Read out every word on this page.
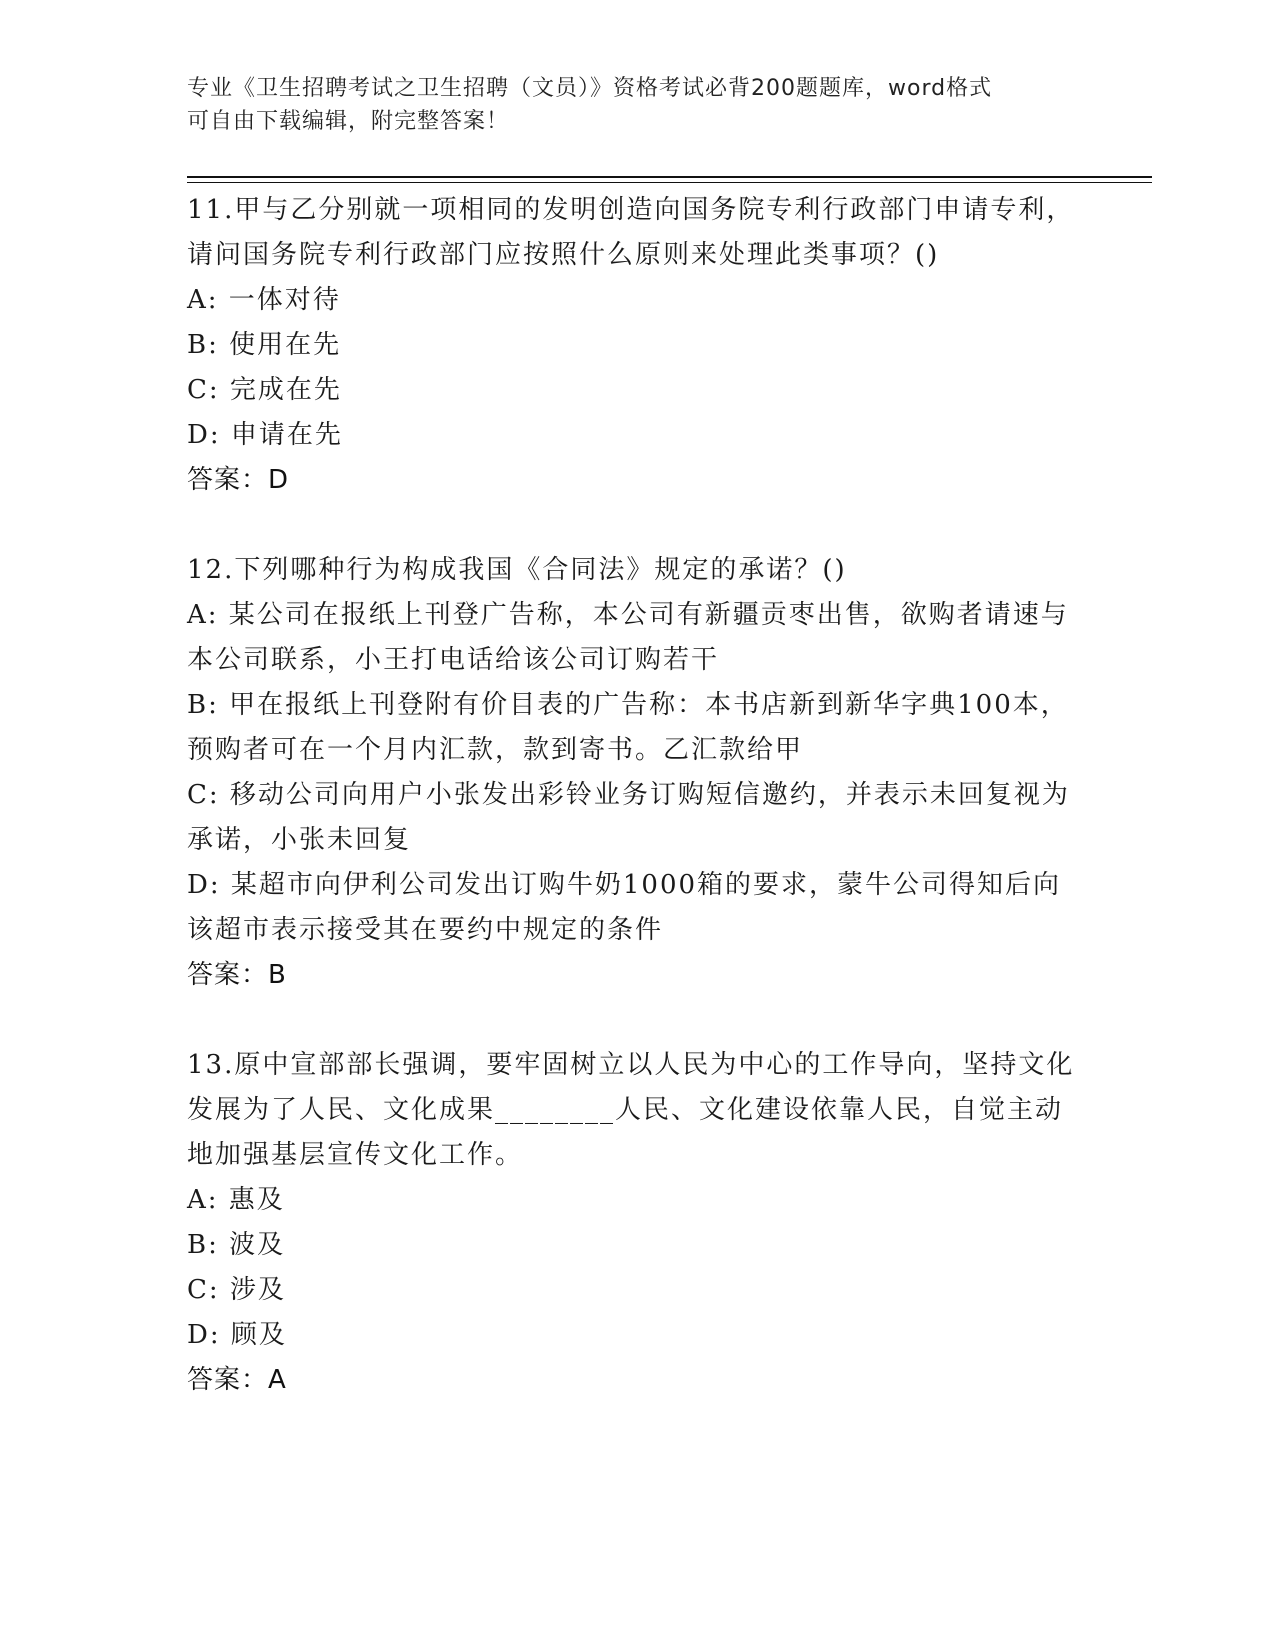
专业《卫生招聘考试之卫生招聘（文员）》资格考试必背200题题库，word格式
可自由下载编辑，附完整答案！

11.甲与乙分别就一项相同的发明创造向国务院专利行政部门申请专利，请问国务院专利行政部门应按照什么原则来处理此类事项？()

A: 一体对待

B: 使用在先

C: 完成在先

D: 申请在先

答案：D

12.下列哪种行为构成我国《合同法》规定的承诺？()

A: 某公司在报纸上刊登广告称，本公司有新疆贡枣出售，欲购者请速与本公司联系，小王打电话给该公司订购若干

B: 甲在报纸上刊登附有价目表的广告称：本书店新到新华字典100本，预购者可在一个月内汇款，款到寄书。乙汇款给甲

C: 移动公司向用户小张发出彩铃业务订购短信邀约，并表示未回复视为承诺，小张未回复

D: 某超市向伊利公司发出订购牛奶1000箱的要求，蒙牛公司得知后向该超市表示接受其在要约中规定的条件

答案：B

13.原中宣部部长强调，要牢固树立以人民为中心的工作导向，坚持文化发展为了人民、文化成果________人民、文化建设依靠人民，自觉主动地加强基层宣传文化工作。

A: 惠及

B: 波及

C: 涉及

D: 顾及

答案：A
